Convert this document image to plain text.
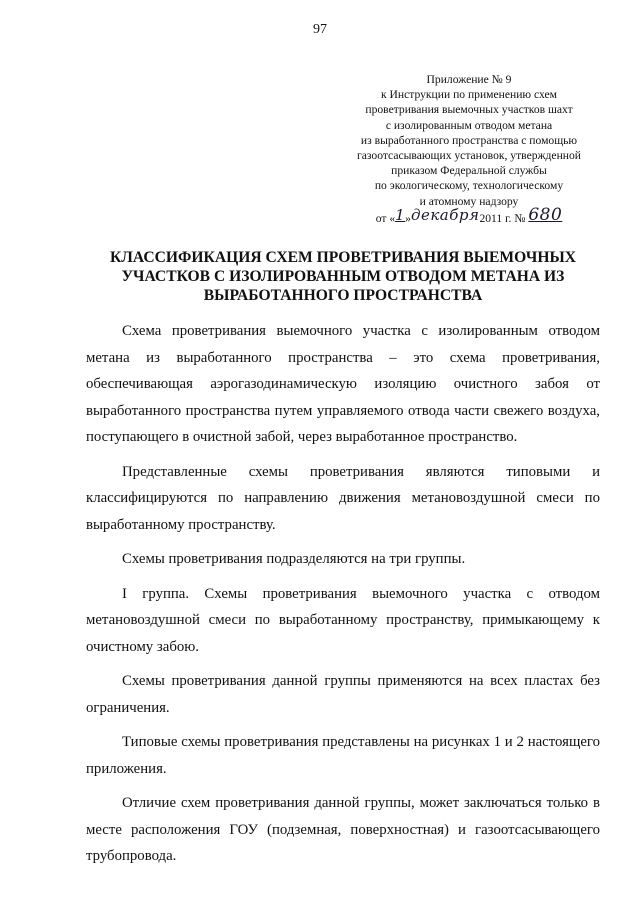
97
Приложение № 9
к Инструкции по применению схем
проветривания выемочных участков шахт
с изолированным отводом метана
из выработанного пространства с помощью
газоотсасывающих установок, утвержденной
приказом Федеральной службы
по экологическому, технологическому
и атомному надзору
от «1»декабря2011 г. № 680
КЛАССИФИКАЦИЯ СХЕМ ПРОВЕТРИВАНИЯ ВЫЕМОЧНЫХ УЧАСТКОВ С ИЗОЛИРОВАННЫМ ОТВОДОМ МЕТАНА ИЗ ВЫРАБОТАННОГО ПРОСТРАНСТВА

Схема проветривания выемочного участка с изолированным отводом метана из выработанного пространства – это схема проветривания, обеспечивающая аэрогазодинамическую изоляцию очистного забоя от выработанного пространства путем управляемого отвода части свежего воздуха, поступающего в очистной забой, через выработанное пространство.

Представленные схемы проветривания являются типовыми и классифицируются по направлению движения метановоздушной смеси по выработанному пространству.

Схемы проветривания подразделяются на три группы.

I группа. Схемы проветривания выемочного участка с отводом метановоздушной смеси по выработанному пространству, примыкающему к очистному забою.

Схемы проветривания данной группы применяются на всех пластах без ограничения.

Типовые схемы проветривания представлены на рисунках 1 и 2 настоящего приложения.

Отличие схем проветривания данной группы, может заключаться только в месте расположения ГОУ (подземная, поверхностная) и газоотсасывающего трубопровода.
